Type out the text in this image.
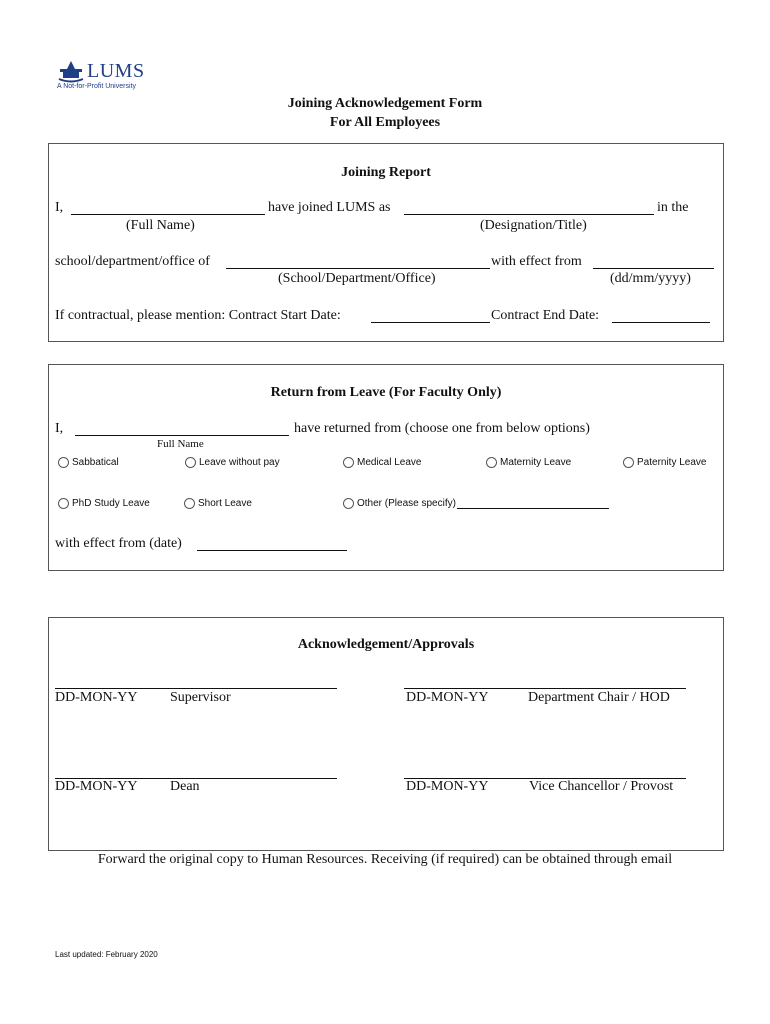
LUMS
A Not-for-Profit University
Joining Acknowledgement Form
For All Employees
Joining Report
I,	have joined LUMS as	in the
(Full Name)	(Designation/Title)
school/department/office of	with effect from
(School/Department/Office)	(dd/mm/yyyy)
If contractual, please mention: Contract Start Date:	Contract End Date:
Return from Leave (For Faculty Only)
I,	have returned from (choose one from below options)
Full Name
Sabbatical	Leave without pay	Medical Leave	Maternity Leave	Paternity Leave
PhD Study Leave	Short Leave	Other (Please specify)
with effect from (date)
Acknowledgement/Approvals
DD-MON-YY Supervisor	DD-MON-YY	Department Chair / HOD
DD-MON-YY Dean	DD-MON-YY	Vice Chancellor / Provost
Forward the original copy to Human Resources. Receiving (if required) can be obtained through email
Last updated: February 2020
